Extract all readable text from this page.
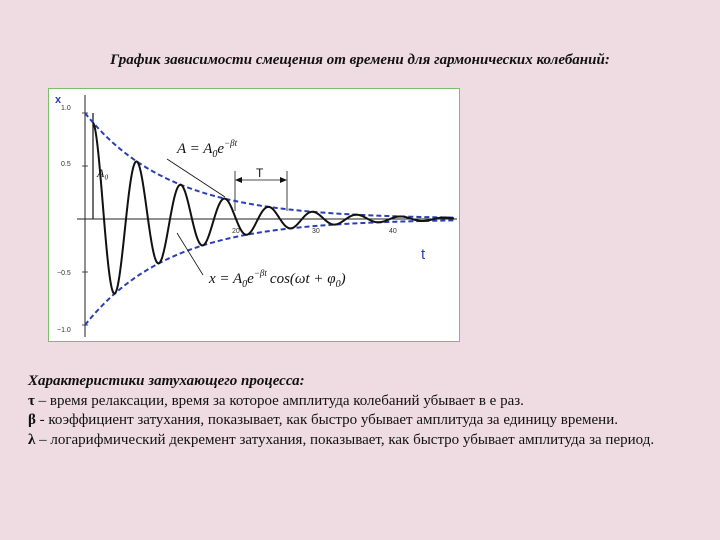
График зависимости смещения от времени для гармонических колебаний:
x
t
1.0
0.5
−0.5
−1.0
20	30	40
A₀	T
$A = A_0e^{-\beta t}$
$x = A_0e^{-\beta t}$ $\cos(\omega t + \varphi_0)$

Характеристики затухающего процесса:

τ – время релаксации, время за которое амплитуда колебаний убывает в е раз.

β - коэффициент затухания, показывает, как быстро убывает амплитуда за единицу времени.

λ – логарифмический декремент затухания, показывает, как быстро убывает амплитуда за период.
